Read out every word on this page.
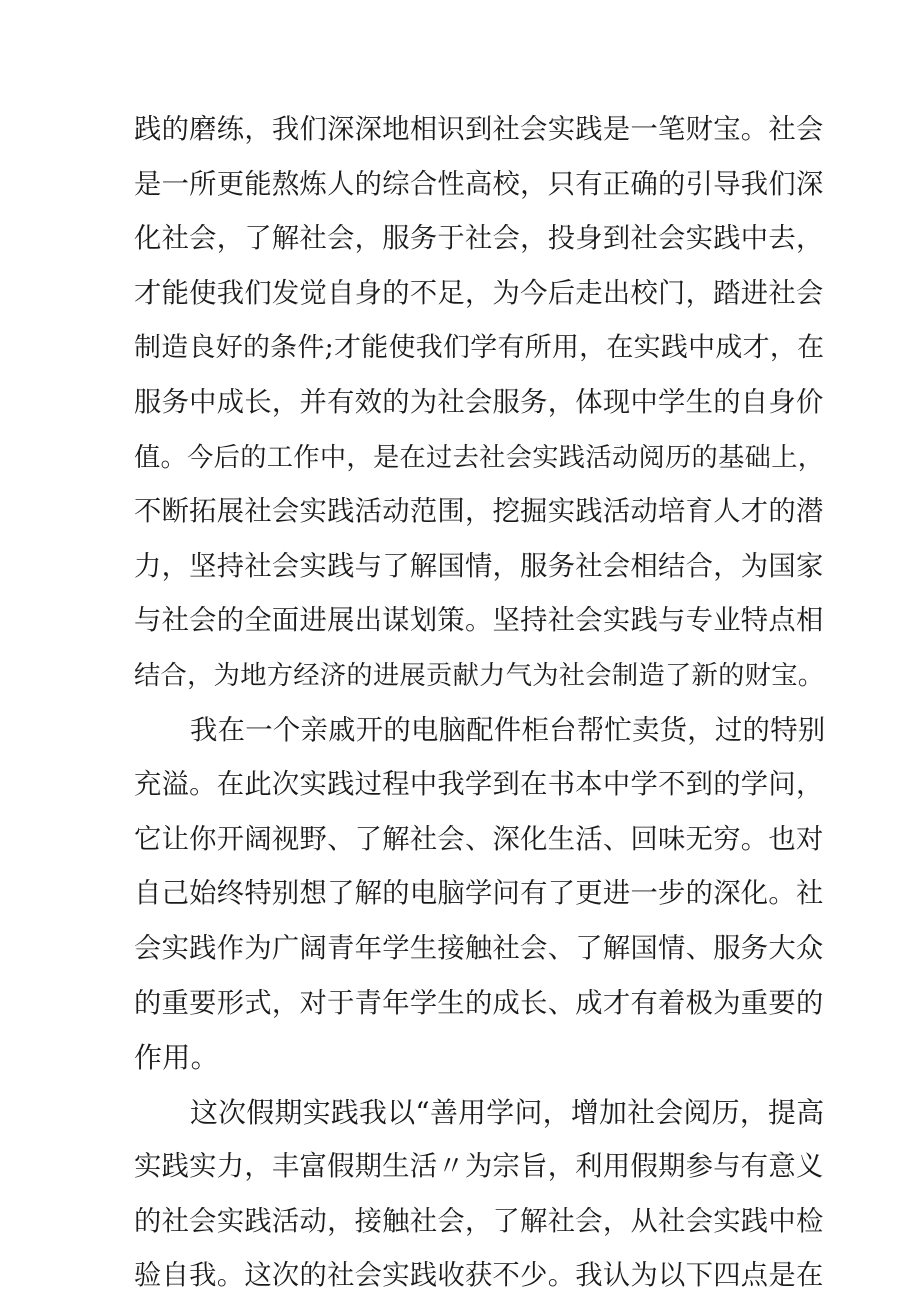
践的磨练，我们深深地相识到社会实践是一笔财宝。社会
是一所更能熬炼人的综合性高校，只有正确的引导我们深
化社会，了解社会，服务于社会，投身到社会实践中去，
才能使我们发觉自身的不足，为今后走出校门，踏进社会
制造良好的条件;才能使我们学有所用，在实践中成才，在
服务中成长，并有效的为社会服务，体现中学生的自身价
值。今后的工作中，是在过去社会实践活动阅历的基础上，
不断拓展社会实践活动范围，挖掘实践活动培育人才的潜
力，坚持社会实践与了解国情，服务社会相结合，为国家
与社会的全面进展出谋划策。坚持社会实践与专业特点相
结合，为地方经济的进展贡献力气为社会制造了新的财宝。
我在一个亲戚开的电脑配件柜台帮忙卖货，过的特别
充溢。在此次实践过程中我学到在书本中学不到的学问，
它让你开阔视野、了解社会、深化生活、回味无穷。也对
自己始终特别想了解的电脑学问有了更进一步的深化。社
会实践作为广阔青年学生接触社会、了解国情、服务大众
的重要形式，对于青年学生的成长、成才有着极为重要的
作用。
这次假期实践我以“善用学问，增加社会阅历，提高
实践实力，丰富假期生活〃为宗旨，利用假期参与有意义
的社会实践活动，接触社会，了解社会，从社会实践中检
验自我。这次的社会实践收获不少。我认为以下四点是在
